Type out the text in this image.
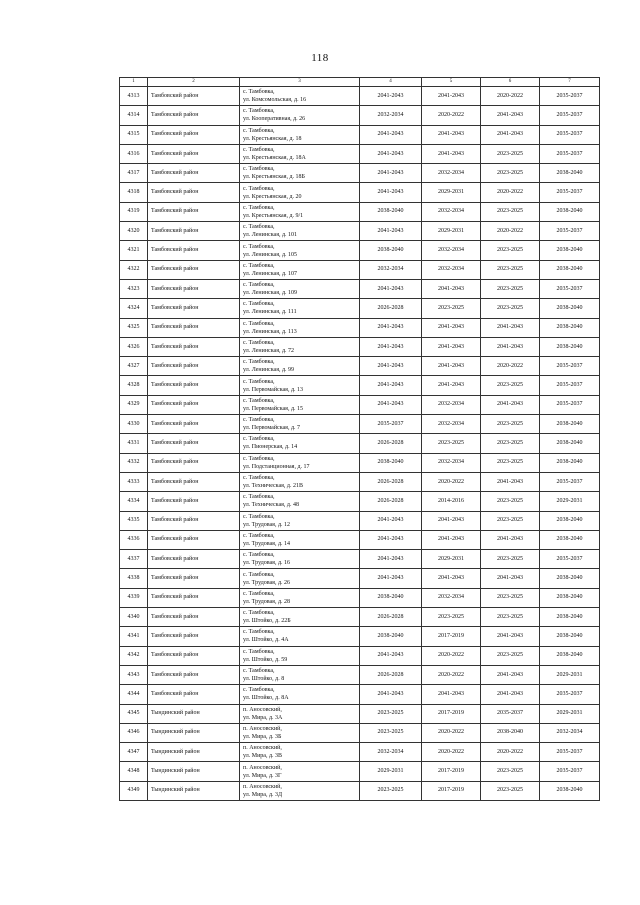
118
1	2	3	4	5	6	7
4313	Тамбовский район	с. Тамбовка,
ул. Комсомольская, д. 16	2041-2043	2041-2043	2020-2022	2035-2037
4314	Тамбовский район	с. Тамбовка,
ул. Кооперативная, д. 26	2032-2034	2020-2022	2041-2043	2035-2037
4315	Тамбовский район	с. Тамбовка,
ул. Крестьянская, д. 18	2041-2043	2041-2043	2041-2043	2035-2037
4316	Тамбовский район	с. Тамбовка,
ул. Крестьянская, д. 18А	2041-2043	2041-2043	2023-2025	2035-2037
4317	Тамбовский район	с. Тамбовка,
ул. Крестьянская, д. 18Б	2041-2043	2032-2034	2023-2025	2038-2040
4318	Тамбовский район	с. Тамбовка,
ул. Крестьянская, д. 20	2041-2043	2029-2031	2020-2022	2035-2037
4319	Тамбовский район	с. Тамбовка,
ул. Крестьянская, д. 9/1	2038-2040	2032-2034	2023-2025	2038-2040
4320	Тамбовский район	с. Тамбовка,
ул. Ленинская, д. 101	2041-2043	2029-2031	2020-2022	2035-2037
4321	Тамбовский район	с. Тамбовка,
ул. Ленинская, д. 105	2038-2040	2032-2034	2023-2025	2038-2040
4322	Тамбовский район	с. Тамбовка,
ул. Ленинская, д. 107	2032-2034	2032-2034	2023-2025	2038-2040
4323	Тамбовский район	с. Тамбовка,
ул. Ленинская, д. 109	2041-2043	2041-2043	2023-2025	2035-2037
4324	Тамбовский район	с. Тамбовка,
ул. Ленинская, д. 111	2026-2028	2023-2025	2023-2025	2038-2040
4325	Тамбовский район	с. Тамбовка,
ул. Ленинская, д. 113	2041-2043	2041-2043	2041-2043	2038-2040
4326	Тамбовский район	с. Тамбовка,
ул. Ленинская, д. 72	2041-2043	2041-2043	2041-2043	2038-2040
4327	Тамбовский район	с. Тамбовка,
ул. Ленинская, д. 99	2041-2043	2041-2043	2020-2022	2035-2037
4328	Тамбовский район	с. Тамбовка,
ул. Первомайская, д. 13	2041-2043	2041-2043	2023-2025	2035-2037
4329	Тамбовский район	с. Тамбовка,
ул. Первомайская, д. 15	2041-2043	2032-2034	2041-2043	2035-2037
4330	Тамбовский район	с. Тамбовка,
ул. Первомайская, д. 7	2035-2037	2032-2034	2023-2025	2038-2040
4331	Тамбовский район	с. Тамбовка,
ул. Пионерская, д. 14	2026-2028	2023-2025	2023-2025	2038-2040
4332	Тамбовский район	с. Тамбовка,
ул. Подстанционная, д. 17	2038-2040	2032-2034	2023-2025	2038-2040
4333	Тамбовский район	с. Тамбовка,
ул. Техническая, д. 21В	2026-2028	2020-2022	2041-2043	2035-2037
4334	Тамбовский район	с. Тамбовка,
ул. Техническая, д. 48	2026-2028	2014-2016	2023-2025	2029-2031
4335	Тамбовский район	с. Тамбовка,
ул. Трудовая, д. 12	2041-2043	2041-2043	2023-2025	2038-2040
4336	Тамбовский район	с. Тамбовка,
ул. Трудовая, д. 14	2041-2043	2041-2043	2041-2043	2038-2040
4337	Тамбовский район	с. Тамбовка,
ул. Трудовая, д. 16	2041-2043	2029-2031	2023-2025	2035-2037
4338	Тамбовский район	с. Тамбовка,
ул. Трудовая, д. 26	2041-2043	2041-2043	2041-2043	2038-2040
4339	Тамбовский район	с. Тамбовка,
ул. Трудовая, д. 28	2038-2040	2032-2034	2023-2025	2038-2040
4340	Тамбовский район	с. Тамбовка,
ул. Штойко, д. 22Б	2026-2028	2023-2025	2023-2025	2038-2040
4341	Тамбовский район	с. Тамбовка,
ул. Штойко, д. 4А	2038-2040	2017-2019	2041-2043	2038-2040
4342	Тамбовский район	с. Тамбовка,
ул. Штойко, д. 59	2041-2043	2020-2022	2023-2025	2038-2040
4343	Тамбовский район	с. Тамбовка,
ул. Штойко, д. 8	2026-2028	2020-2022	2041-2043	2029-2031
4344	Тамбовский район	с. Тамбовка,
ул. Штойко, д. 8А	2041-2043	2041-2043	2041-2043	2035-2037
4345	Тындинский район	п. Аносовский,
ул. Мира, д. 3А	2023-2025	2017-2019	2035-2037	2029-2031
4346	Тындинский район	п. Аносовский,
ул. Мира, д. 3Б	2023-2025	2020-2022	2038-2040	2032-2034
4347	Тындинский район	п. Аносовский,
ул. Мира, д. 3В	2032-2034	2020-2022	2020-2022	2035-2037
4348	Тындинский район	п. Аносовский,
ул. Мира, д. 3Г	2029-2031	2017-2019	2023-2025	2035-2037
4349	Тындинский район	п. Аносовский,
ул. Мира, д. 3Д	2023-2025	2017-2019	2023-2025	2038-2040
